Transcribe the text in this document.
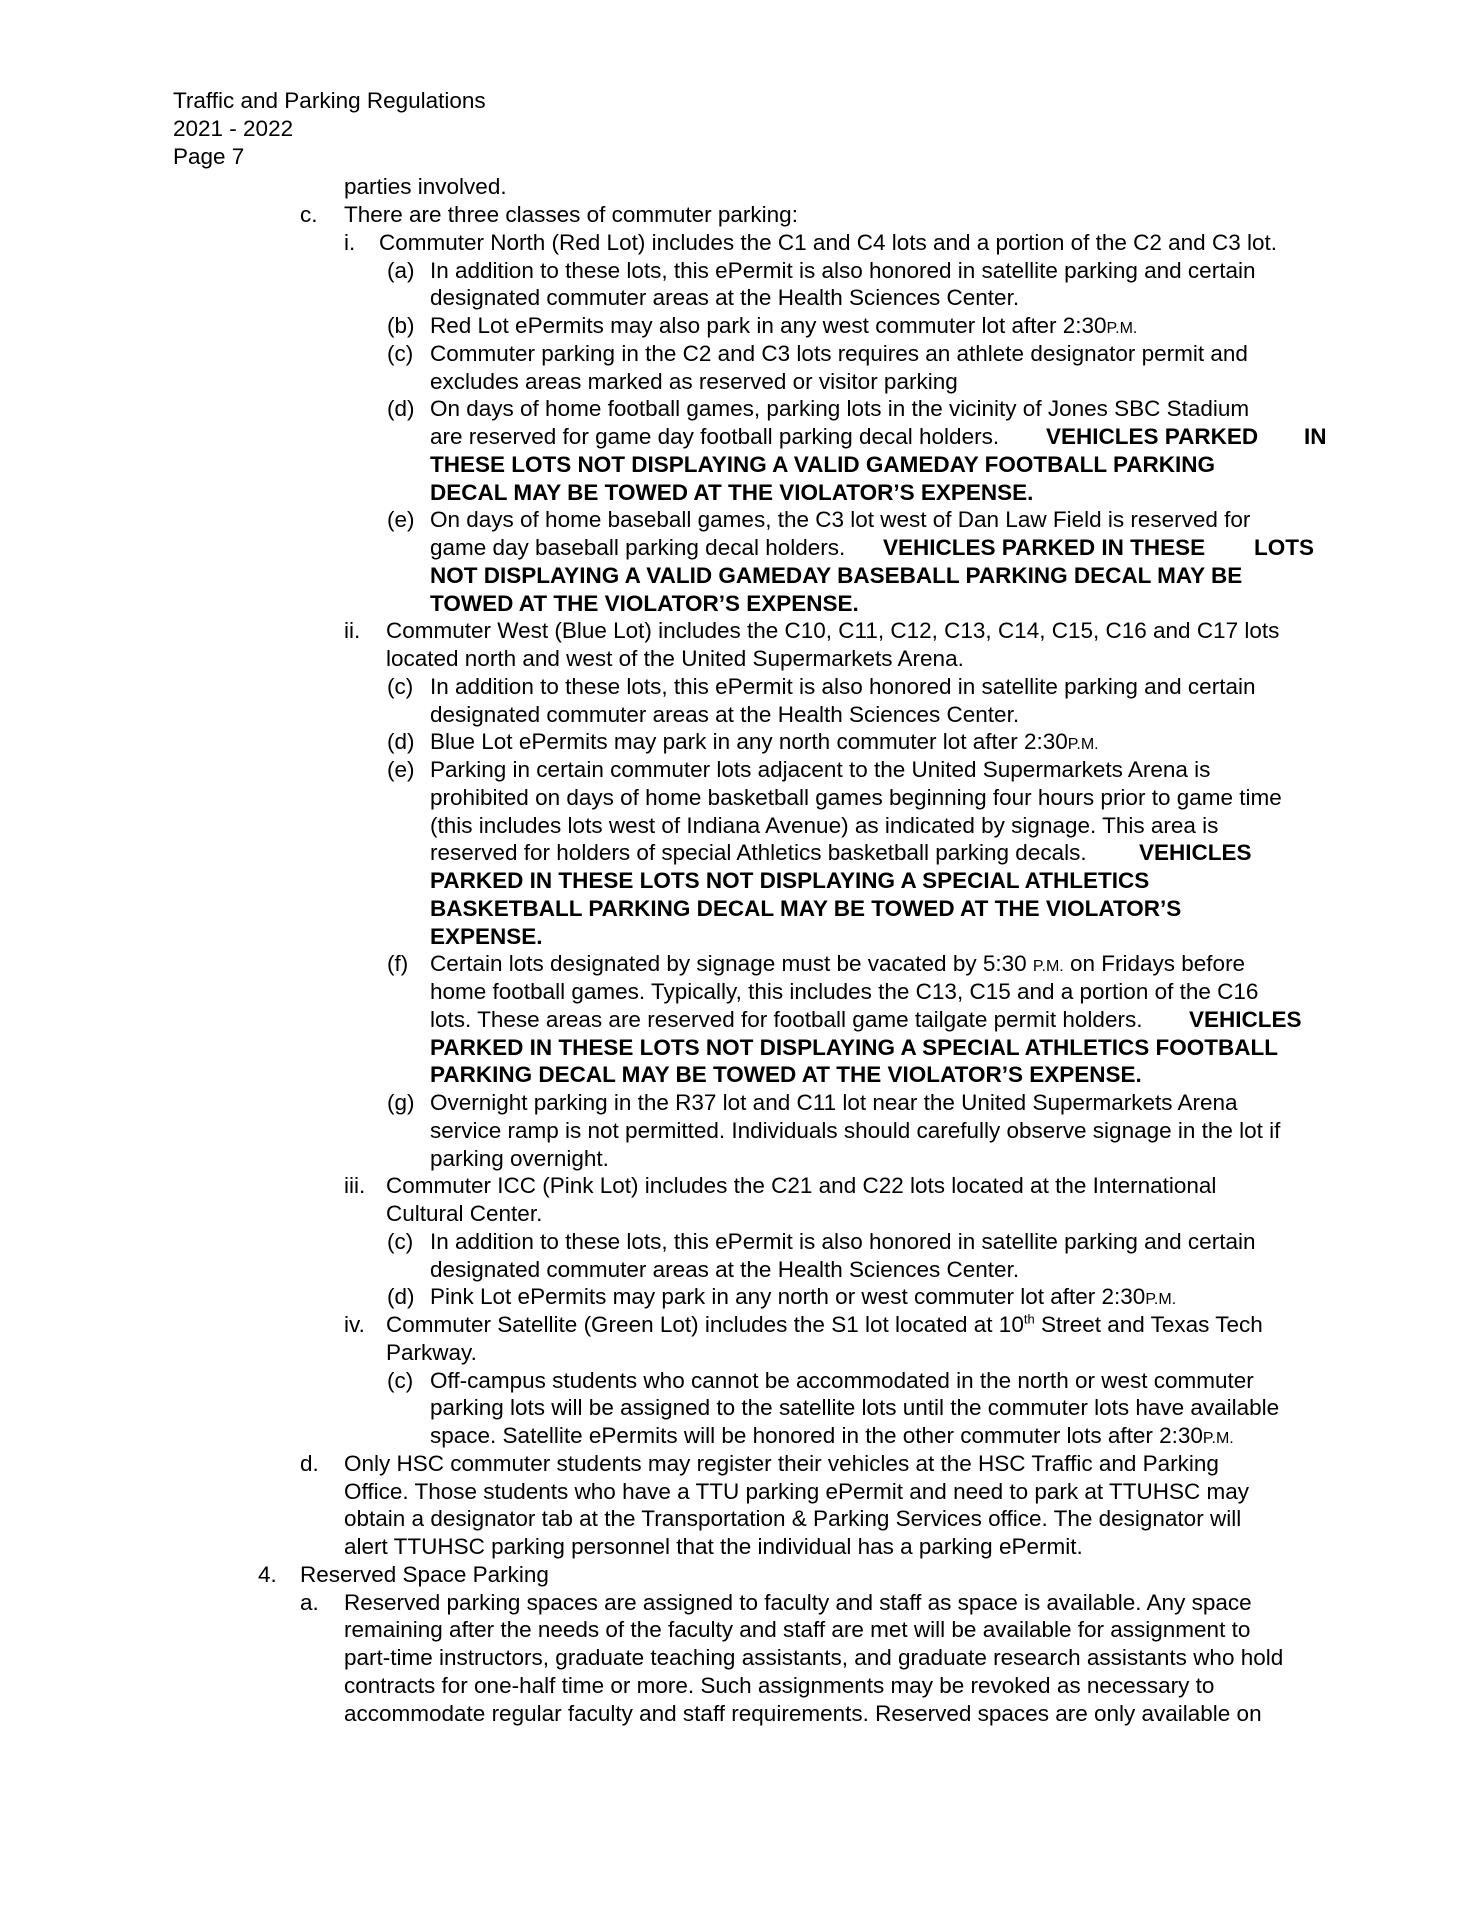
Traffic and Parking Regulations
2021 - 2022
Page 7
parties involved.
c. There are three classes of commuter parking:
i. Commuter North (Red Lot) includes the C1 and C4 lots and a portion of the C2 and C3 lot.
(a) In addition to these lots, this ePermit is also honored in satellite parking and certain
designated commuter areas at the Health Sciences Center.
(b) Red Lot ePermits may also park in any west commuter lot after 2:30P.M.
(c) Commuter parking in the C2 and C3 lots requires an athlete designator permit and
excludes areas marked as reserved or visitor parking
(d) On days of home football games, parking lots in the vicinity of Jones SBC Stadium
are reserved for game day football parking decal holders. VEHICLES PARKED IN
THESE LOTS NOT DISPLAYING A VALID GAMEDAY FOOTBALL PARKING
DECAL MAY BE TOWED AT THE VIOLATOR’S EXPENSE.
(e) On days of home baseball games, the C3 lot west of Dan Law Field is reserved for
game day baseball parking decal holders. VEHICLES PARKED IN THESE LOTS
NOT DISPLAYING A VALID GAMEDAY BASEBALL PARKING DECAL MAY BE
TOWED AT THE VIOLATOR’S EXPENSE.
ii. Commuter West (Blue Lot) includes the C10, C11, C12, C13, C14, C15, C16 and C17 lots
located north and west of the United Supermarkets Arena.
(c) In addition to these lots, this ePermit is also honored in satellite parking and certain
designated commuter areas at the Health Sciences Center.
(d) Blue Lot ePermits may park in any north commuter lot after 2:30P.M.
(e) Parking in certain commuter lots adjacent to the United Supermarkets Arena is
prohibited on days of home basketball games beginning four hours prior to game time
(this includes lots west of Indiana Avenue) as indicated by signage. This area is
reserved for holders of special Athletics basketball parking decals. VEHICLES
PARKED IN THESE LOTS NOT DISPLAYING A SPECIAL ATHLETICS
BASKETBALL PARKING DECAL MAY BE TOWED AT THE VIOLATOR’S
EXPENSE.
(f) Certain lots designated by signage must be vacated by 5:30 P.M. on Fridays before
home football games. Typically, this includes the C13, C15 and a portion of the C16
lots. These areas are reserved for football game tailgate permit holders. VEHICLES
PARKED IN THESE LOTS NOT DISPLAYING A SPECIAL ATHLETICS FOOTBALL
PARKING DECAL MAY BE TOWED AT THE VIOLATOR’S EXPENSE.
(g) Overnight parking in the R37 lot and C11 lot near the United Supermarkets Arena
service ramp is not permitted. Individuals should carefully observe signage in the lot if
parking overnight.
iii. Commuter ICC (Pink Lot) includes the C21 and C22 lots located at the International
Cultural Center.
(c) In addition to these lots, this ePermit is also honored in satellite parking and certain
designated commuter areas at the Health Sciences Center.
(d) Pink Lot ePermits may park in any north or west commuter lot after 2:30P.M.
iv. Commuter Satellite (Green Lot) includes the S1 lot located at 10th Street and Texas Tech
Parkway.
(c) Off-campus students who cannot be accommodated in the north or west commuter
parking lots will be assigned to the satellite lots until the commuter lots have available
space. Satellite ePermits will be honored in the other commuter lots after 2:30P.M.
d. Only HSC commuter students may register their vehicles at the HSC Traffic and Parking
Office. Those students who have a TTU parking ePermit and need to park at TTUHSC may
obtain a designator tab at the Transportation & Parking Services office. The designator will
alert TTUHSC parking personnel that the individual has a parking ePermit.
4. Reserved Space Parking
a. Reserved parking spaces are assigned to faculty and staff as space is available. Any space
remaining after the needs of the faculty and staff are met will be available for assignment to
part-time instructors, graduate teaching assistants, and graduate research assistants who hold
contracts for one-half time or more. Such assignments may be revoked as necessary to
accommodate regular faculty and staff requirements. Reserved spaces are only available on
